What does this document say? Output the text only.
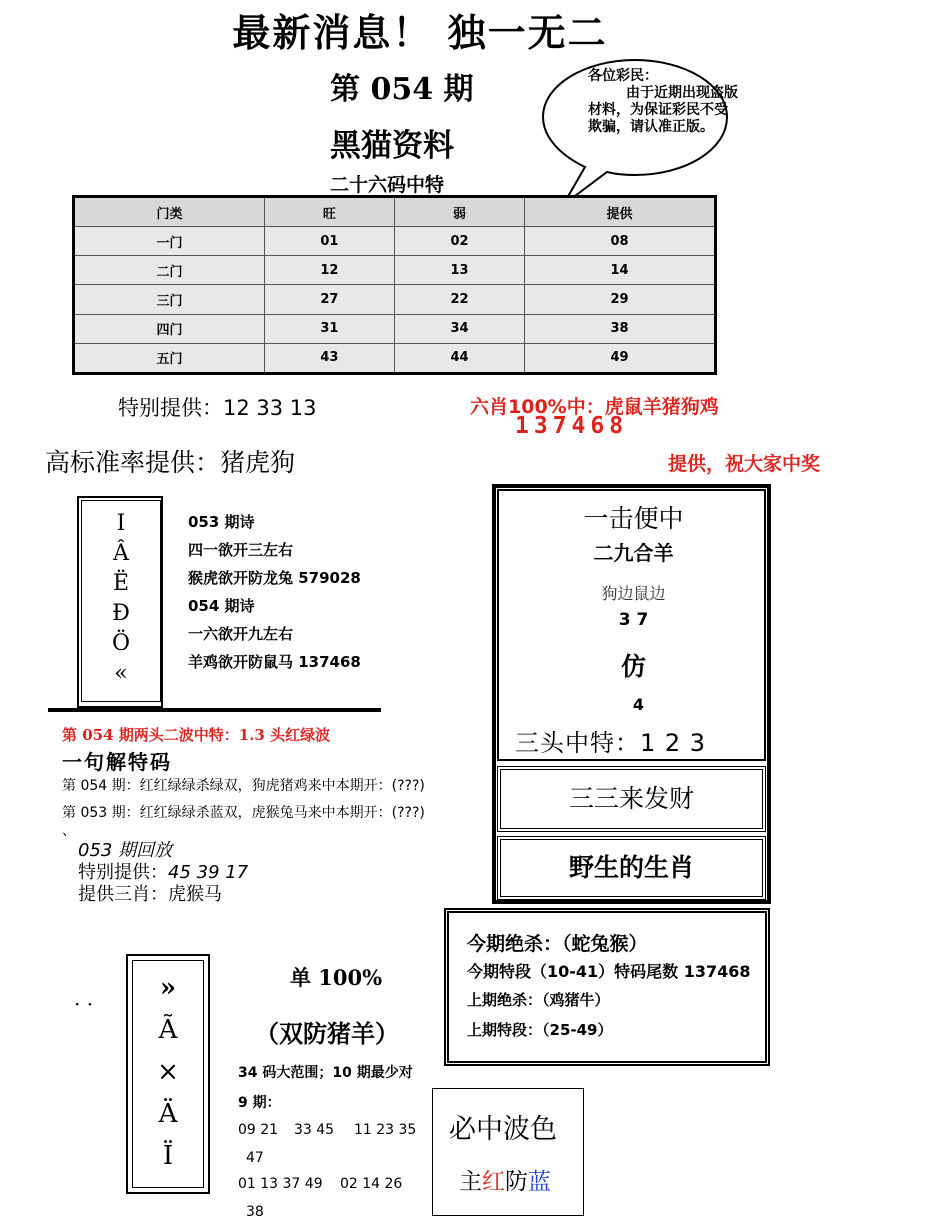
最新消息！ 独一无二
第 054 期
黑猫资料
二十六码中特
各位彩民：
由于近期出现盗版材料，为保证彩民不受欺骗，请认准正版。
门类	旺	弱	提供
一门	01	02	08
二门	12	13	14
三门	27	22	29
四门	31	34	38
五门	43	44	49
特别提供：12 33 13	六肖100%中：虎鼠羊猪狗鸡
137468
高标准率提供：猪虎狗	提供，祝大家中奖
I
Â
Ë
Đ
Ö
«
053 期诗
四一欲开三左右
猴虎欲开防龙兔 579028
054 期诗
一六欲开九左右
羊鸡欲开防鼠马 137468
第 054 期两头二波中特：1.3 头红绿波
一句解特码
第 054 期：红红绿绿杀绿双，狗虎猪鸡来中本期开：(???)
第 053 期：红红绿绿杀蓝双，虎猴兔马来中本期开：(???)
、
053 期回放
特别提供：45 39 17
提供三肖：虎猴马
一击便中
二九合羊
狗边鼠边
3 7
仿
4
三头中特：1 2 3
三三来发财
野生的生肖
今期绝杀：（蛇兔猴）
今期特段（10-41）特码尾数 137468
上期绝杀：（鸡猪牛）
上期特段：（25-49）
»
Ã
×
Ä
Ï
· ·
单 100%
（双防猪羊）
34 码大范围；10 期最少对
9 期：
09 21 33 45 11 23 35
47
01 13 37 49 02 14 26
38
必中波色
主红防蓝
